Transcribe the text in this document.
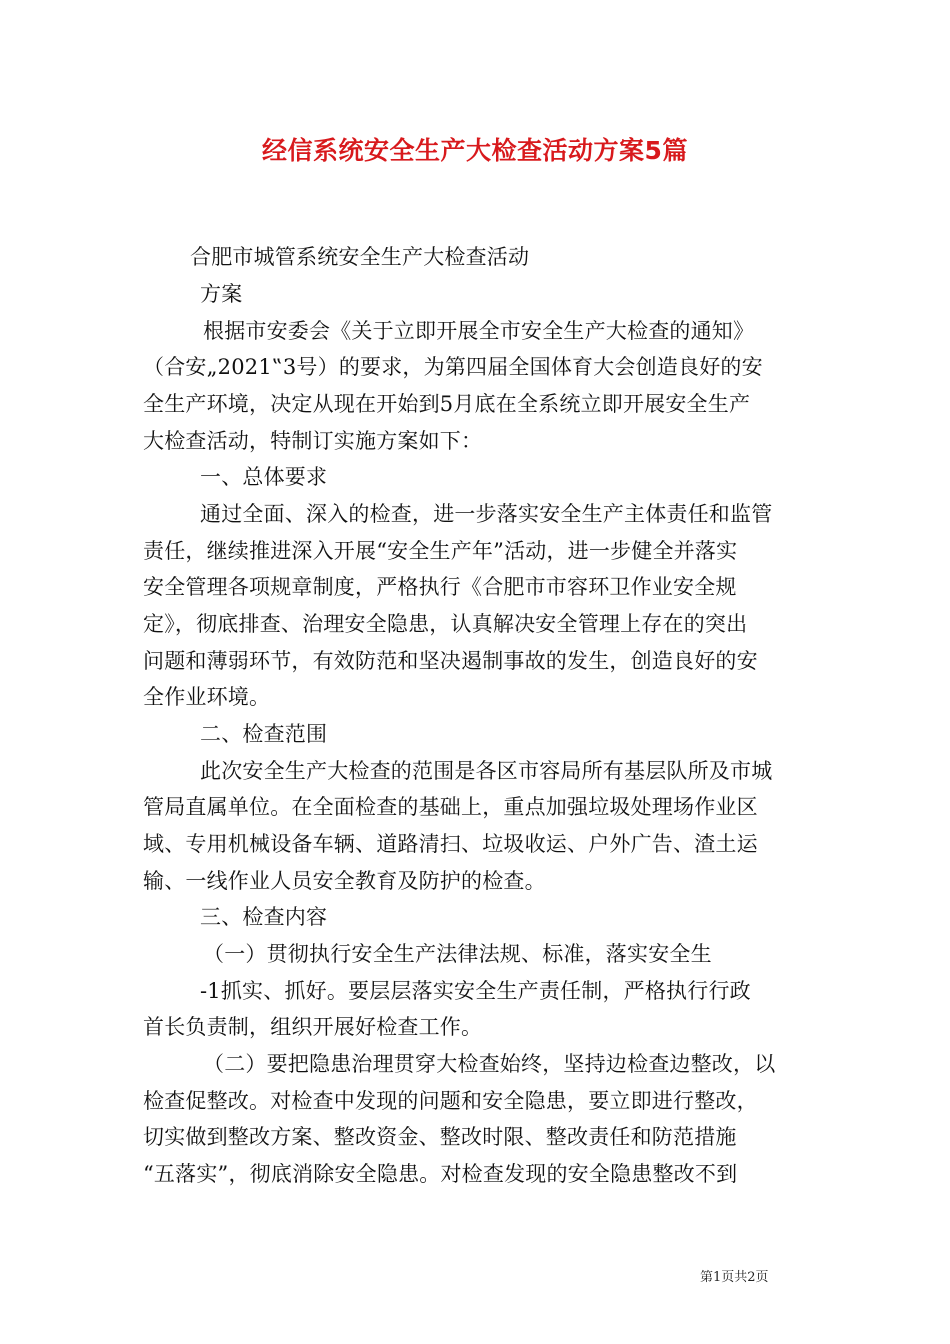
经信系统安全生产大检查活动方案5篇
合肥市城管系统安全生产大检查活动
方案
根据市安委会《关于立即开展全市安全生产大检查的通知》
（合安„2021‟3号）的要求，为第四届全国体育大会创造良好的安
全生产环境，决定从现在开始到5月底在全系统立即开展安全生产
大检查活动，特制订实施方案如下：
一、总体要求
通过全面、深入的检查，进一步落实安全生产主体责任和监管
责任，继续推进深入开展“安全生产年”活动，进一步健全并落实
安全管理各项规章制度，严格执行《合肥市市容环卫作业安全规
定》，彻底排查、治理安全隐患，认真解决安全管理上存在的突出
问题和薄弱环节，有效防范和坚决遏制事故的发生，创造良好的安
全作业环境。
二、检查范围
此次安全生产大检查的范围是各区市容局所有基层队所及市城
管局直属单位。在全面检查的基础上，重点加强垃圾处理场作业区
域、专用机械设备车辆、道路清扫、垃圾收运、户外广告、渣土运
输、一线作业人员安全教育及防护的检查。
三、检查内容
（一）贯彻执行安全生产法律法规、标准，落实安全生
-1抓实、抓好。要层层落实安全生产责任制，严格执行行政
首长负责制，组织开展好检查工作。
（二）要把隐患治理贯穿大检查始终，坚持边检查边整改，以
检查促整改。对检查中发现的问题和安全隐患，要立即进行整改，
切实做到整改方案、整改资金、整改时限、整改责任和防范措施
“五落实”，彻底消除安全隐患。对检查发现的安全隐患整改不到
第1页共2页
